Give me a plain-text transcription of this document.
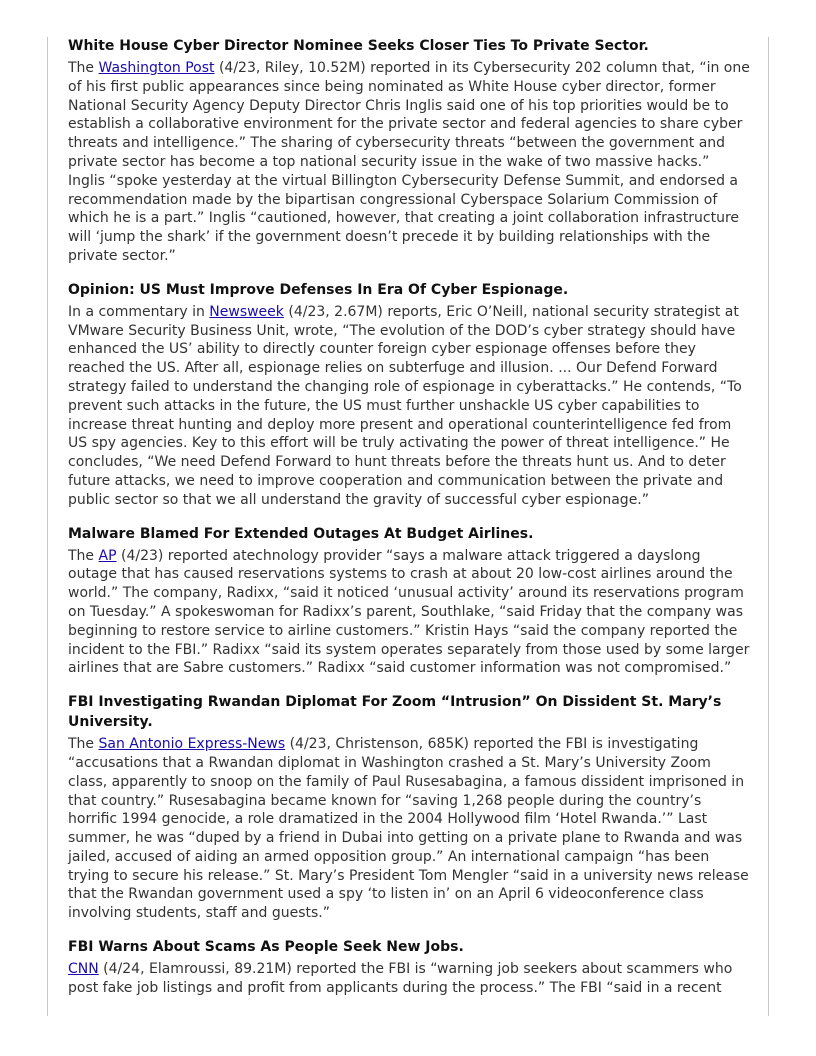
White House Cyber Director Nominee Seeks Closer Ties To Private Sector.

The Washington Post (4/23, Riley, 10.52M) reported in its Cybersecurity 202 column that, “in one of his first public appearances since being nominated as White House cyber director, former National Security Agency Deputy Director Chris Inglis said one of his top priorities would be to establish a collaborative environment for the private sector and federal agencies to share cyber threats and intelligence.” The sharing of cybersecurity threats “between the government and private sector has become a top national security issue in the wake of two massive hacks.” Inglis “spoke yesterday at the virtual Billington Cybersecurity Defense Summit, and endorsed a recommendation made by the bipartisan congressional Cyberspace Solarium Commission of which he is a part.” Inglis “cautioned, however, that creating a joint collaboration infrastructure will ‘jump the shark’ if the government doesn’t precede it by building relationships with the private sector.”

Opinion: US Must Improve Defenses In Era Of Cyber Espionage.

In a commentary in Newsweek (4/23, 2.67M) reports, Eric O’Neill, national security strategist at VMware Security Business Unit, wrote, “The evolution of the DOD’s cyber strategy should have enhanced the US’ ability to directly counter foreign cyber espionage offenses before they reached the US. After all, espionage relies on subterfuge and illusion. ... Our Defend Forward strategy failed to understand the changing role of espionage in cyberattacks.” He contends, “To prevent such attacks in the future, the US must further unshackle US cyber capabilities to increase threat hunting and deploy more present and operational counterintelligence fed from US spy agencies. Key to this effort will be truly activating the power of threat intelligence.” He concludes, “We need Defend Forward to hunt threats before the threats hunt us. And to deter future attacks, we need to improve cooperation and communication between the private and public sector so that we all understand the gravity of successful cyber espionage.”

Malware Blamed For Extended Outages At Budget Airlines.

The AP (4/23) reported atechnology provider “says a malware attack triggered a dayslong outage that has caused reservations systems to crash at about 20 low-cost airlines around the world.” The company, Radixx, “said it noticed ‘unusual activity’ around its reservations program on Tuesday.” A spokeswoman for Radixx’s parent, Southlake, “said Friday that the company was beginning to restore service to airline customers.” Kristin Hays “said the company reported the incident to the FBI.” Radixx “said its system operates separately from those used by some larger airlines that are Sabre customers.” Radixx “said customer information was not compromised.”

FBI Investigating Rwandan Diplomat For Zoom “Intrusion” On Dissident St. Mary’s University.

The San Antonio Express-News (4/23, Christenson, 685K) reported the FBI is investigating “accusations that a Rwandan diplomat in Washington crashed a St. Mary’s University Zoom class, apparently to snoop on the family of Paul Rusesabagina, a famous dissident imprisoned in that country.” Rusesabagina became known for “saving 1,268 people during the country’s horrific 1994 genocide, a role dramatized in the 2004 Hollywood film ‘Hotel Rwanda.’” Last summer, he was “duped by a friend in Dubai into getting on a private plane to Rwanda and was jailed, accused of aiding an armed opposition group.” An international campaign “has been trying to secure his release.” St. Mary’s President Tom Mengler “said in a university news release that the Rwandan government used a spy ‘to listen in’ on an April 6 videoconference class involving students, staff and guests.”

FBI Warns About Scams As People Seek New Jobs.

CNN (4/24, Elamroussi, 89.21M) reported the FBI is “warning job seekers about scammers who post fake job listings and profit from applicants during the process.” The FBI “said in a recent
